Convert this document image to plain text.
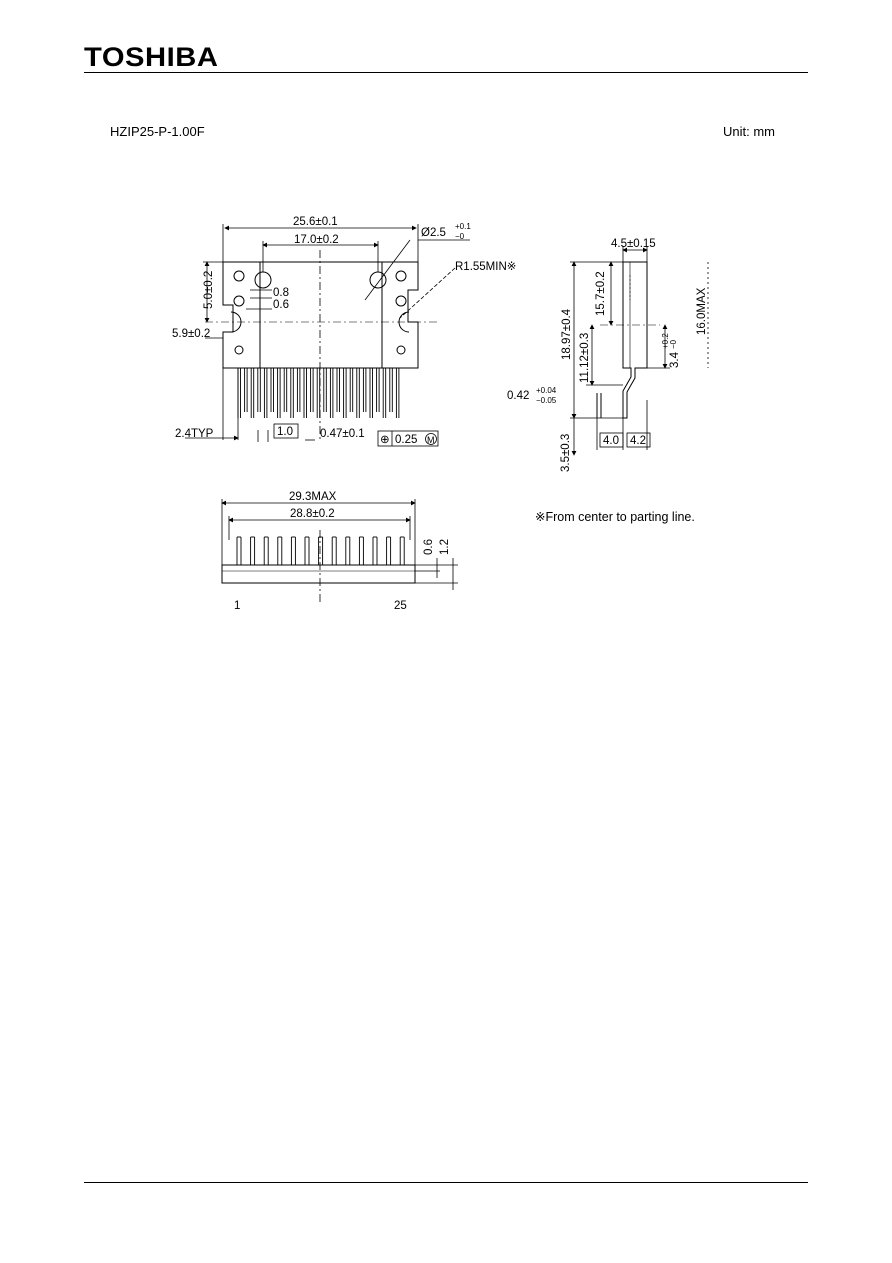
TOSHIBA
HZIP25-P-1.00F	Unit: mm
25.6±0.1
17.0±0.2
Ø2.5
+0.1
−0
R1.55MIN※
5.0±0.2	0.8
0.6
5.9±0.2
2.4TYP	1.0 0.47±0.1 ⊕ 0.25 M
4.5±0.15
15.7±0.2
18.97±0.4 11.12±0.3
16.0MAX
3.4
+0.2 −0
0.42 +0.04
−0.05
3.5±0.3	4.0 4.2
29.3MAX
28.8±0.2
0.6 1.2
1	25
※From center to parting line.
